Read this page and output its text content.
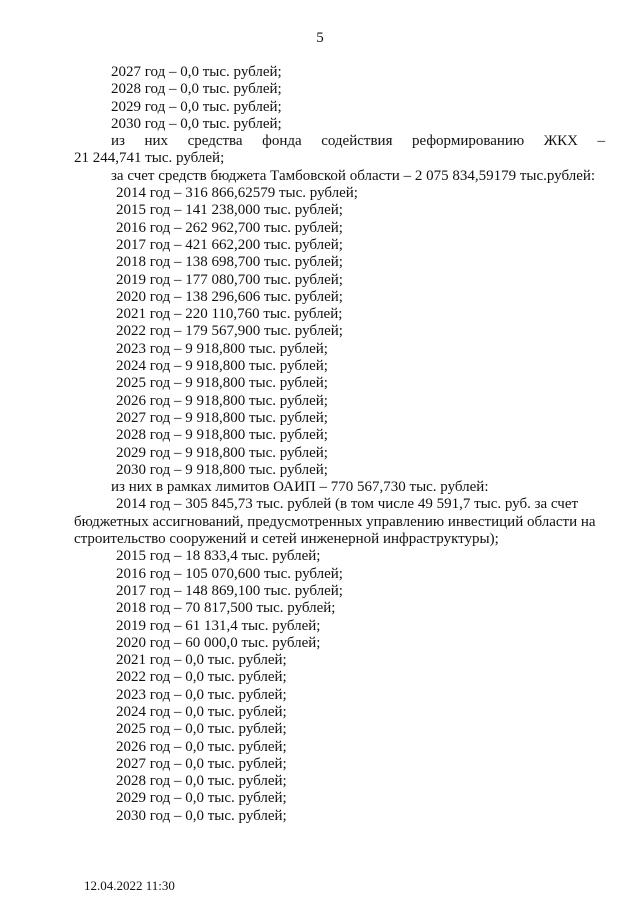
5
2027 год – 0,0 тыс. рублей;
2028 год – 0,0 тыс. рублей;
2029 год – 0,0 тыс. рублей;
2030 год – 0,0 тыс. рублей;
из них средства фонда содействия реформированию ЖКХ –
21 244,741 тыс. рублей;
за счет средств бюджета Тамбовской области – 2 075 834,59179 тыс.рублей:
2014 год – 316 866,62579 тыс. рублей;
2015 год – 141 238,000 тыс. рублей;
2016 год – 262 962,700 тыс. рублей;
2017 год – 421 662,200 тыс. рублей;
2018 год – 138 698,700 тыс. рублей;
2019 год – 177 080,700 тыс. рублей;
2020 год – 138 296,606 тыс. рублей;
2021 год – 220 110,760 тыс. рублей;
2022 год – 179 567,900 тыс. рублей;
2023 год – 9 918,800 тыс. рублей;
2024 год – 9 918,800 тыс. рублей;
2025 год – 9 918,800 тыс. рублей;
2026 год – 9 918,800 тыс. рублей;
2027 год – 9 918,800 тыс. рублей;
2028 год – 9 918,800 тыс. рублей;
2029 год – 9 918,800 тыс. рублей;
2030 год – 9 918,800 тыс. рублей;
из них в рамках лимитов ОАИП – 770 567,730 тыс. рублей:
2014 год – 305 845,73 тыс. рублей (в том числе 49 591,7 тыс. руб. за счет
бюджетных ассигнований, предусмотренных управлению инвестиций области на
строительство сооружений и сетей инженерной инфраструктуры);
2015 год – 18 833,4 тыс. рублей;
2016 год – 105 070,600 тыс. рублей;
2017 год – 148 869,100 тыс. рублей;
2018 год – 70 817,500 тыс. рублей;
2019 год – 61 131,4 тыс. рублей;
2020 год – 60 000,0 тыс. рублей;
2021 год – 0,0 тыс. рублей;
2022 год – 0,0 тыс. рублей;
2023 год – 0,0 тыс. рублей;
2024 год – 0,0 тыс. рублей;
2025 год – 0,0 тыс. рублей;
2026 год – 0,0 тыс. рублей;
2027 год – 0,0 тыс. рублей;
2028 год – 0,0 тыс. рублей;
2029 год – 0,0 тыс. рублей;
2030 год – 0,0 тыс. рублей;
12.04.2022 11:30
